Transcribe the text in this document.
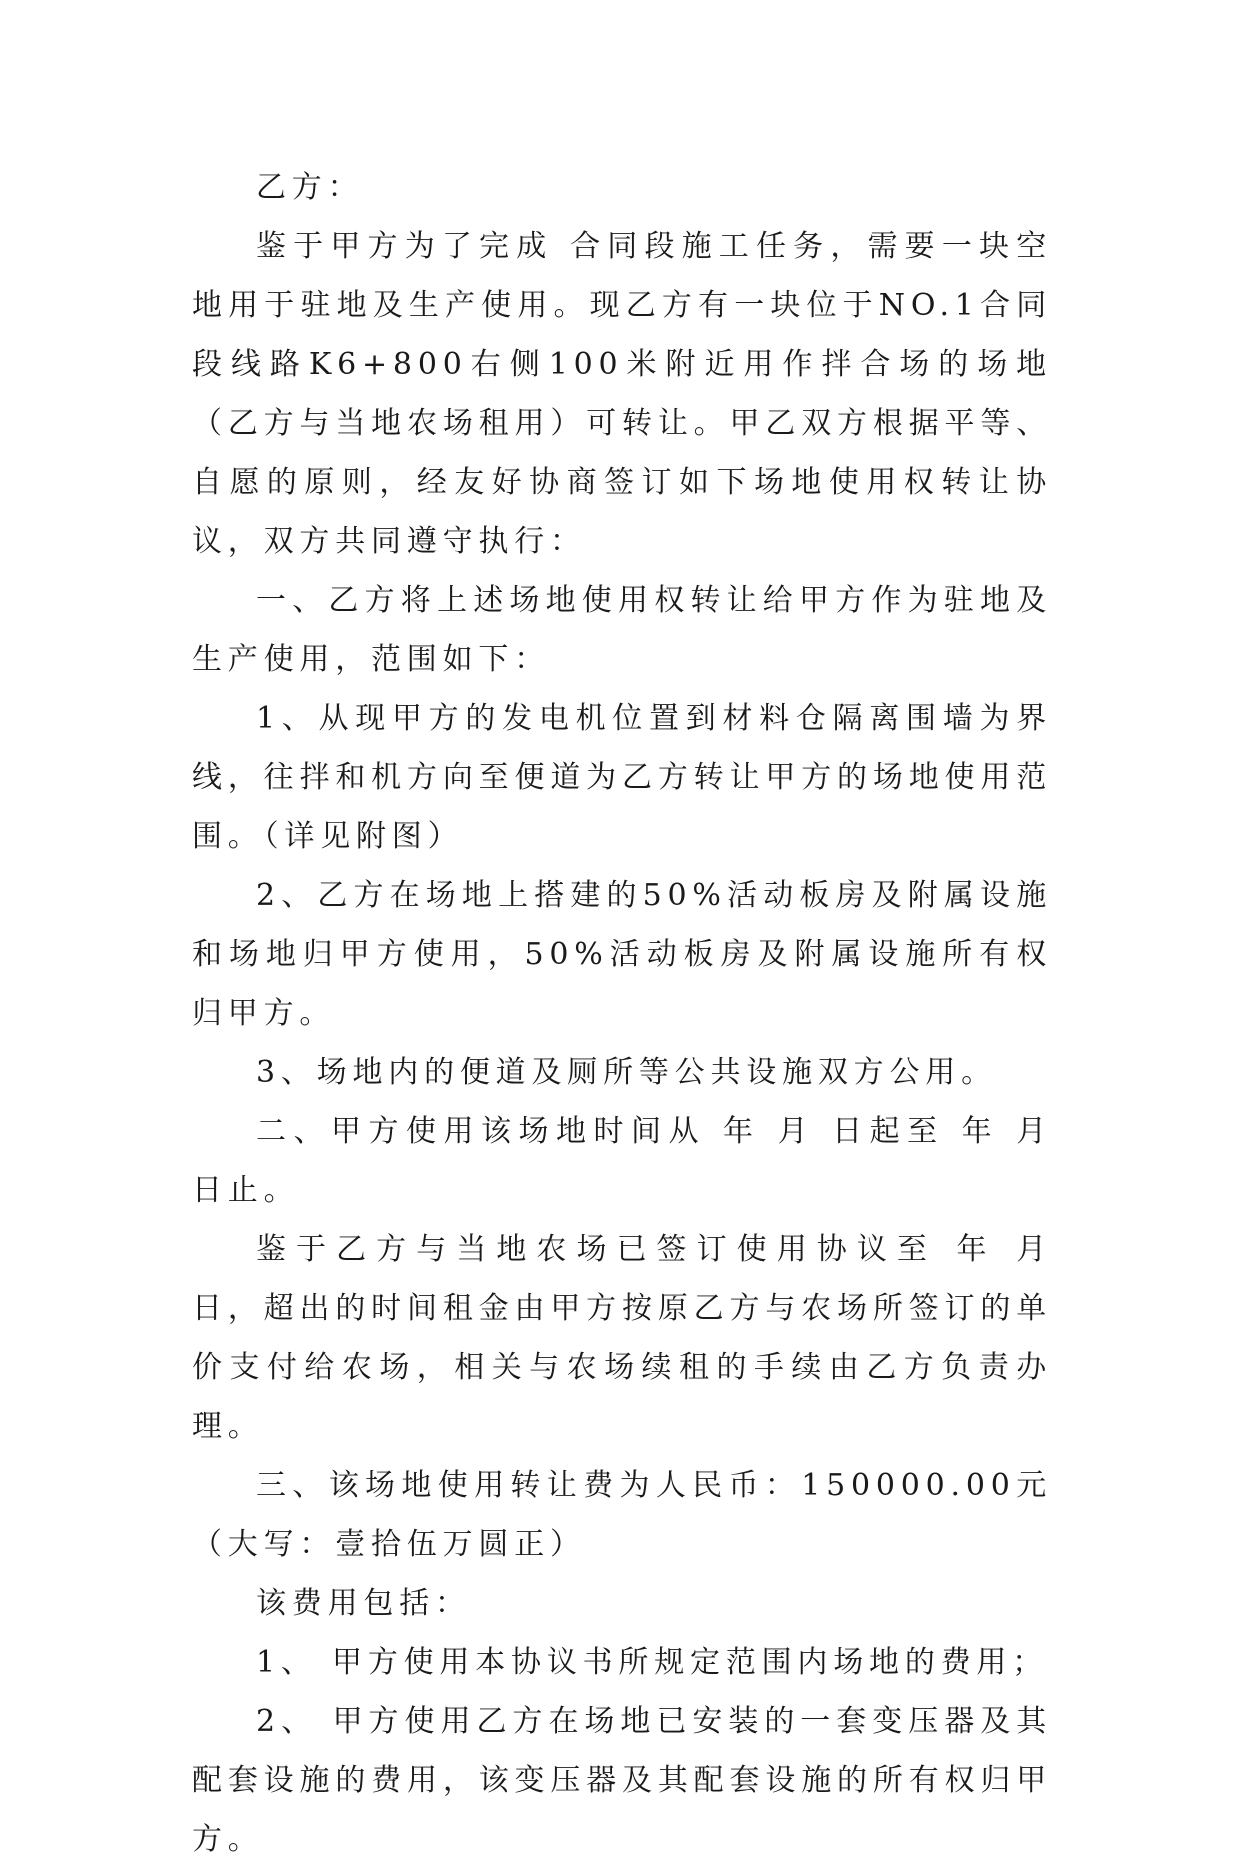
乙方：

鉴于甲方为了完成 合同段施工任务，需要一块空地用于驻地及生产使用。现乙方有一块位于NO.1合同段线路K6+800右侧100米附近用作拌合场的场地（乙方与当地农场租用）可转让。甲乙双方根据平等、自愿的原则，经友好协商签订如下场地使用权转让协议，双方共同遵守执行：

一、乙方将上述场地使用权转让给甲方作为驻地及生产使用，范围如下：

1、从现甲方的发电机位置到材料仓隔离围墙为界线，往拌和机方向至便道为乙方转让甲方的场地使用范围。（详见附图）

2、乙方在场地上搭建的50%活动板房及附属设施和场地归甲方使用，50%活动板房及附属设施所有权归甲方。

3、场地内的便道及厕所等公共设施双方公用。

二、甲方使用该场地时间从 年 月 日起至 年 月 日止。

鉴于乙方与当地农场已签订使用协议至 年 月 日，超出的时间租金由甲方按原乙方与农场所签订的单价支付给农场，相关与农场续租的手续由乙方负责办理。

三、该场地使用转让费为人民币：150000.00元（大写：壹拾伍万圆正）

该费用包括：

1、 甲方使用本协议书所规定范围内场地的费用；

2、 甲方使用乙方在场地已安装的一套变压器及其配套设施的费用，该变压器及其配套设施的所有权归甲方。
